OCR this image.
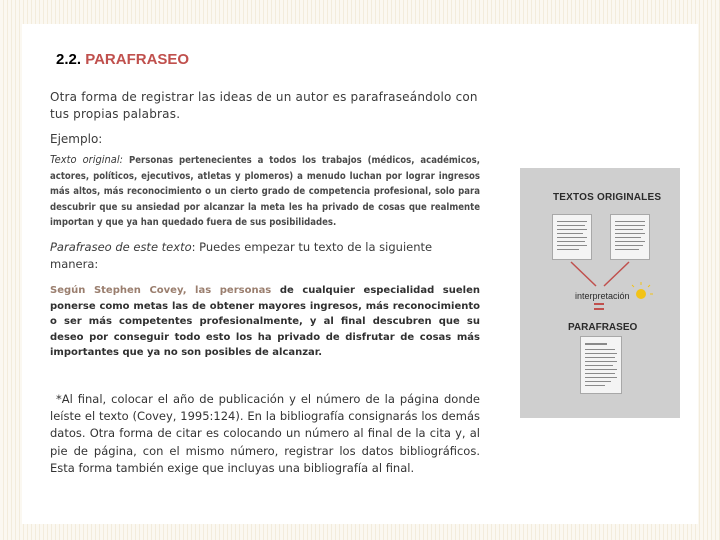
2.2. PARAFRASEO

Otra forma de registrar las ideas de un autor es parafraseándolo con tus propias palabras.

Ejemplo:

Texto original: Personas pertenecientes a todos los trabajos (médicos, académicos, actores, políticos, ejecutivos, atletas y plomeros) a menudo luchan por lograr ingresos más altos, más reconocimiento o un cierto grado de competencia profesional, solo para descubrir que su ansiedad por alcanzar la meta les ha privado de cosas que realmente importan y que ya han quedado fuera de sus posibilidades.

Parafraseo de este texto: Puedes empezar tu texto de la siguiente manera:

Según Stephen Covey, las personas de cualquier especialidad suelen ponerse como metas las de obtener mayores ingresos, más reconocimiento o ser más competentes profesionalmente, y al final descubren que su deseo por conseguir todo esto los ha privado de disfrutar de cosas más importantes que ya no son posibles de alcanzar.

*Al final, colocar el año de publicación y el número de la página donde leíste el texto (Covey, 1995:124). En la bibliografía consignarás los demás datos. Otra forma de citar es colocando un número al final de la cita y, al pie de página, con el mismo número, registrar los datos bibliográficos. Esta forma también exige que incluyas una bibliografía al final.

TEXTOS ORIGINALES
interpretación
PARAFRASEO
